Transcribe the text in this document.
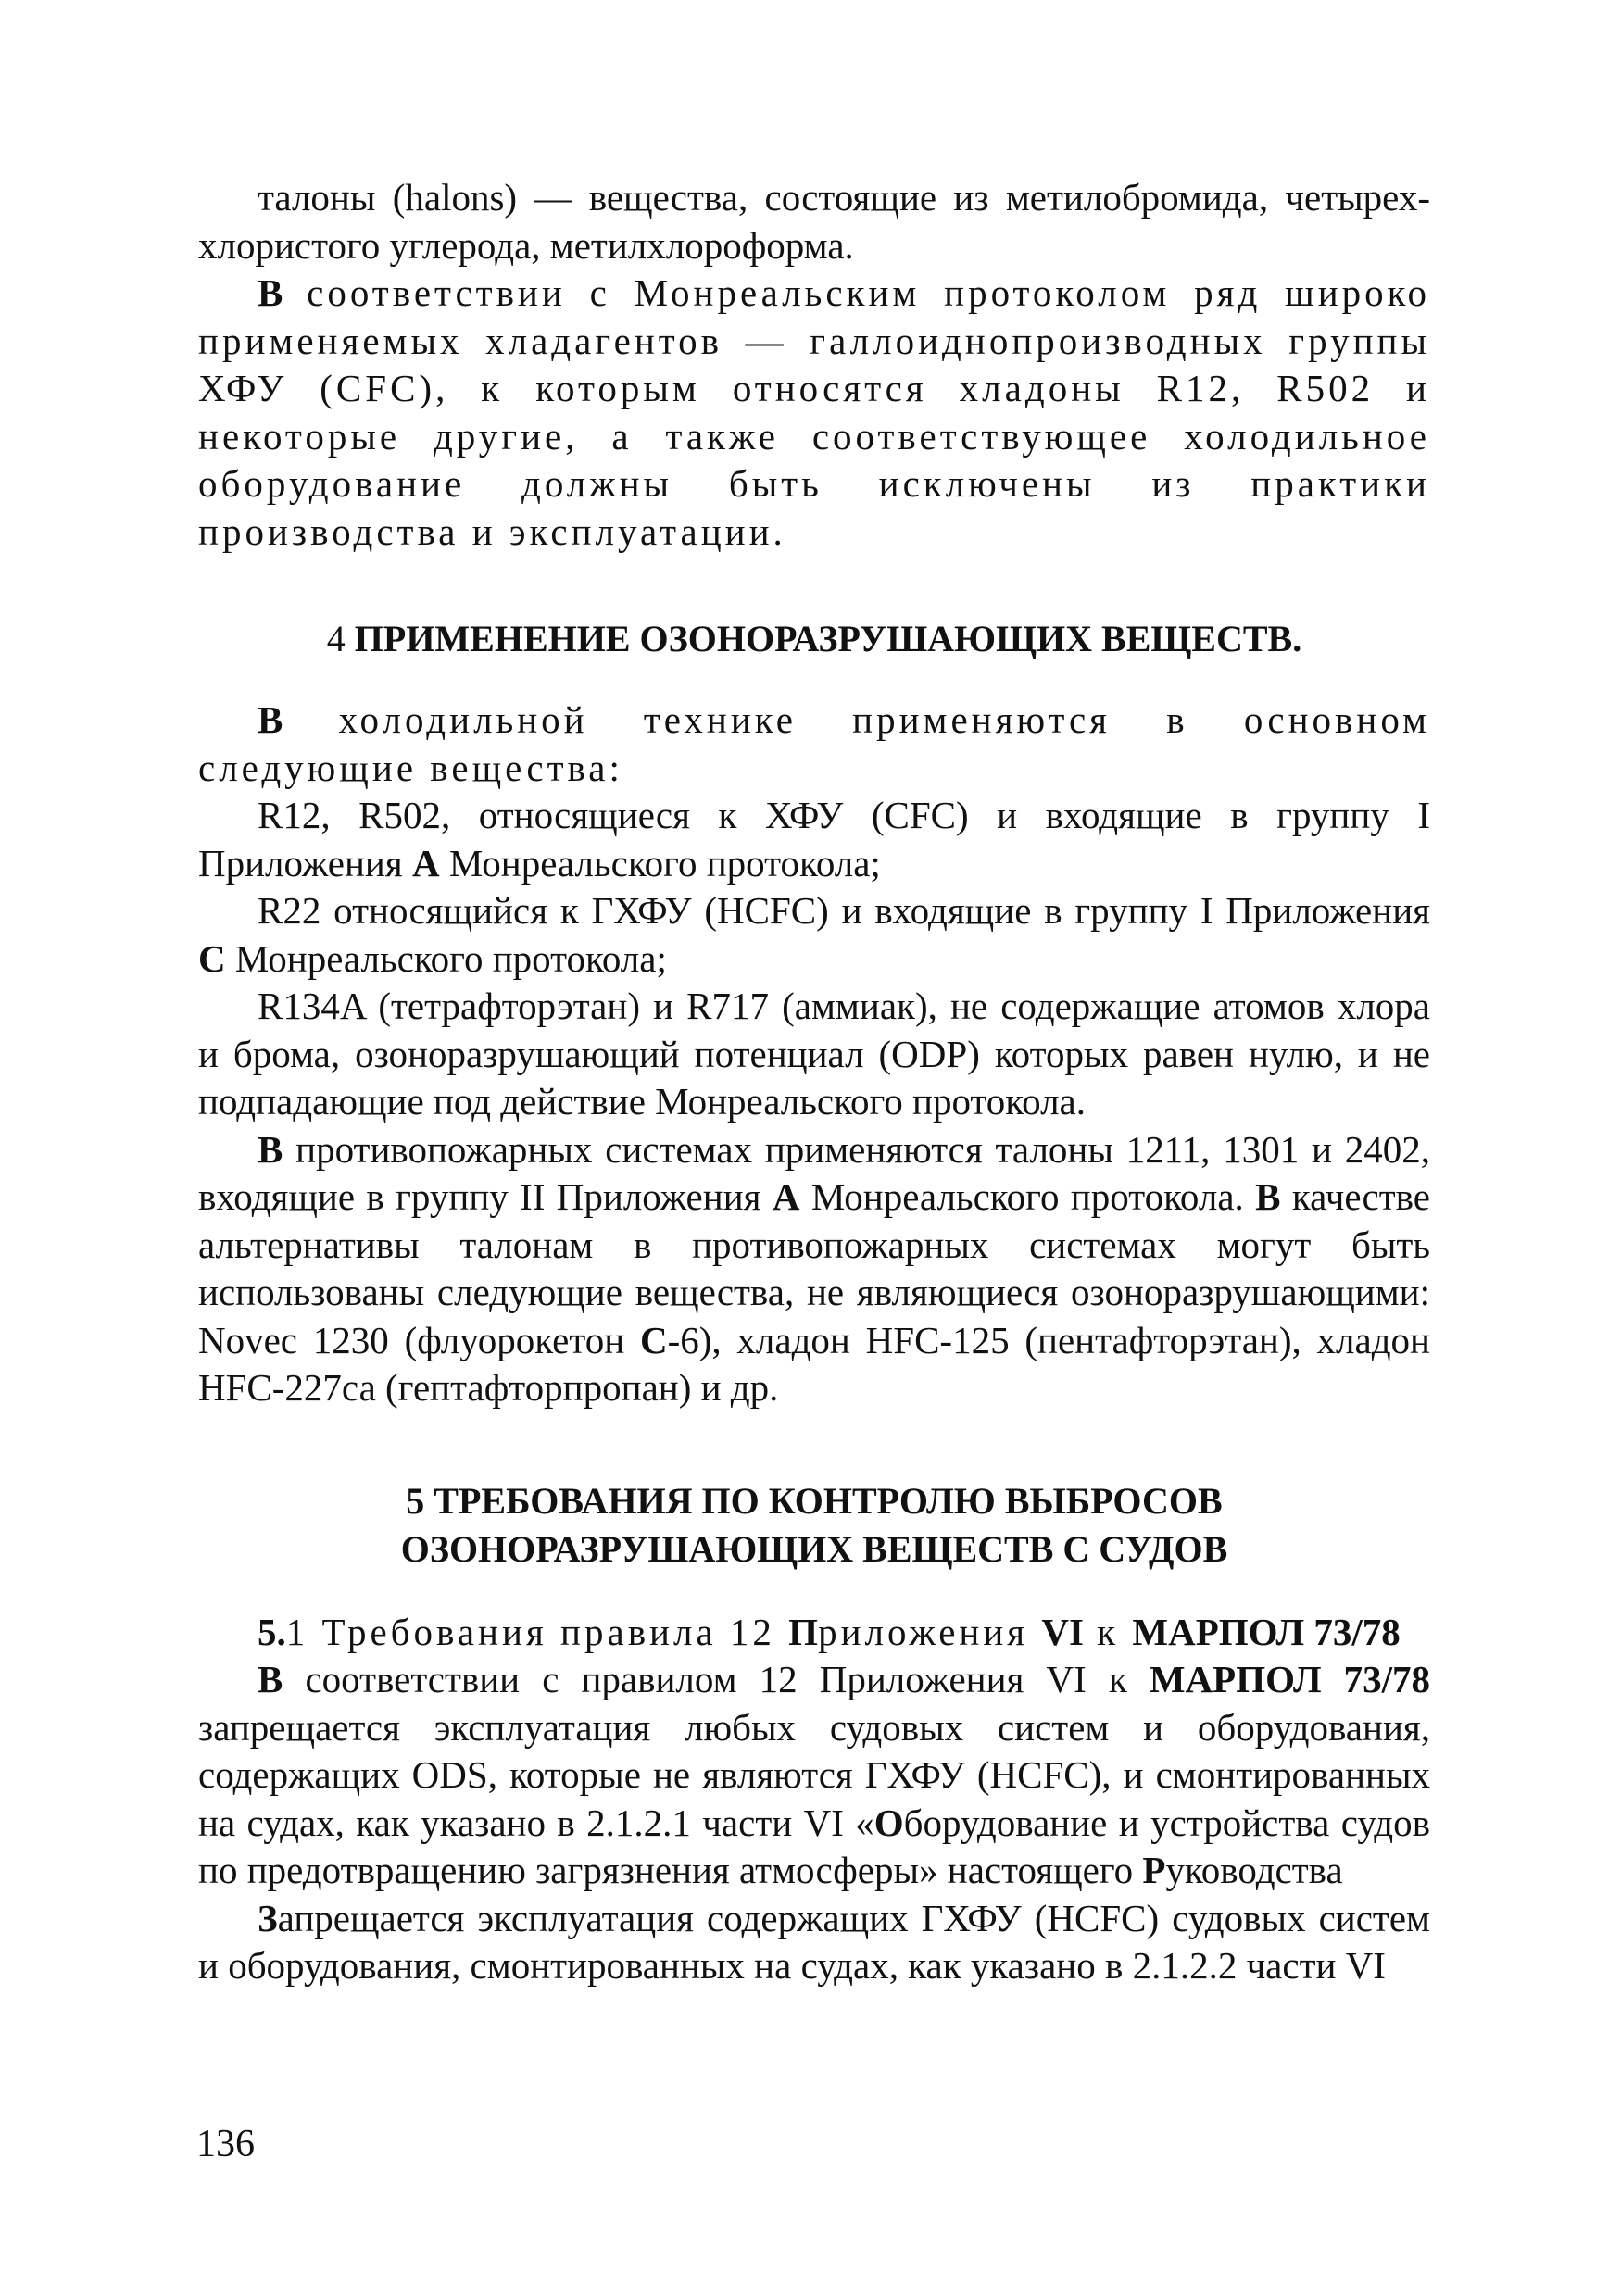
талоны (halons) — вещества, состоящие из метилобромида, четырех-хлористого углерода, метилхлороформа.

В соответствии с Монреальским протоколом ряд широко применяемых хладагентов — галлоиднопроизводных группы ХФУ (CFC), к которым относятся хладоны R12, R502 и некоторые другие, а также соответствующее холодильное оборудование должны быть исключены из практики производства и эксплуатации.

4 ПРИМЕНЕНИЕ ОЗОНОРАЗРУШАЮЩИХ ВЕЩЕСТВ.

В холодильной технике применяются в основном следующие вещества:

R12, R502, относящиеся к ХФУ (CFC) и входящие в группу I Приложения А Монреальского протокола;

R22 относящийся к ГХФУ (HCFC) и входящие в группу I Приложения С Монреальского протокола;

R134A (тетрафторэтан) и R717 (аммиак), не содержащие атомов хлора и брома, озоноразрушающий потенциал (ODP) которых равен нулю, и не подпадающие под действие Монреальского протокола.

В противопожарных системах применяются талоны 1211, 1301 и 2402, входящие в группу II Приложения А Монреальского протокола. В качестве альтернативы талонам в противопожарных системах могут быть использованы следующие вещества, не являющиеся озоноразрушающими: Novec 1230 (флуорокетон С-6), хладон HFC-125 (пентафторэтан), хладон HFC-227са (гептафторпропан) и др.

5 ТРЕБОВАНИЯ ПО КОНТРОЛЮ ВЫБРОСОВ
ОЗОНОРАЗРУШАЮЩИХ ВЕЩЕСТВ С СУДОВ

5.1 Требования правила 12 Приложения VI к МАРПОЛ 73/78

В соответствии с правилом 12 Приложения VI к МАРПОЛ 73/78 запрещается эксплуатация любых судовых систем и оборудования, содержащих ODS, которые не являются ГХФУ (HCFC), и смонтированных на судах, как указано в 2.1.2.1 части VI «Оборудование и устройства судов по предотвращению загрязнения атмосферы» настоящего Руководства

Запрещается эксплуатация содержащих ГХФУ (HCFC) судовых систем и оборудования, смонтированных на судах, как указано в 2.1.2.2 части VI

136
